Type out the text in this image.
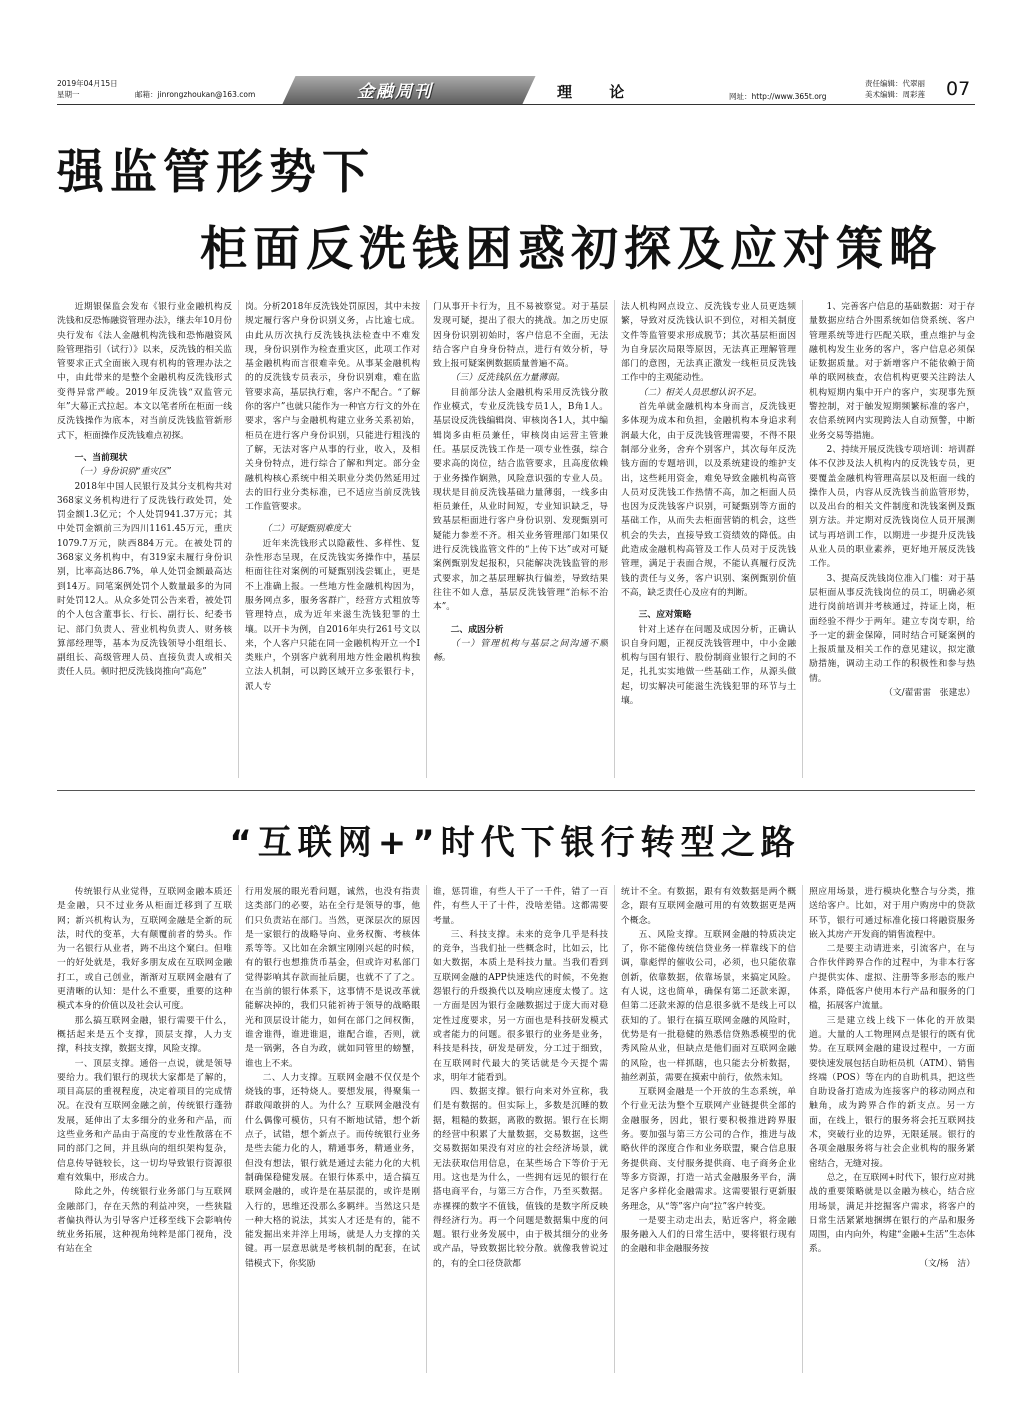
2019年04月15日
星期一	邮箱：jinrongzhoukan@163.com	金融周刊	理 论	网址：http://www.365t.org
责任编辑：代翠丽
美术编辑：周彩莲 07
强监管形势下
柜面反洗钱困惑初探及应对策略

近期银保监会发布《银行业金融机构反洗钱和反恐怖融资管理办法》，继去年10月份央行发布《法人金融机构洗钱和恐怖融资风险管理指引（试行）》以来，反洗钱的相关监管要求正式全面嵌入现有机构的管理办法之中，由此带来的是整个金融机构反洗钱形式变得异常严峻。2019年反洗钱“双监管元年”大幕正式拉起。本文以笔者所在柜面一线反洗钱操作为底本，对当前反洗钱监管新形式下，柜面操作反洗钱难点初探。

一、当前现状

（一）身份识别“重灾区”

2018年中国人民银行及其分支机构共对368家义务机构进行了反洗钱行政处罚，处罚金额1.3亿元；个人处罚941.37万元；其中处罚金额前三为四川1161.45万元，重庆1079.7万元，陕西884万元。在被处罚的368家义务机构中，有319家未履行身份识别，比率高达86.7%，单人处罚金额最高达到14万。同笔案例处罚个人数量最多的为同时处罚12人。从众多处罚公告来看，被处罚的个人包含董事长、行长、副行长、纪委书记、部门负责人、营业机构负责人、财务核算部经理等，基本为反洗钱领导小组组长、副组长、高级管理人员、直接负责人或相关责任人员。顿时把反洗钱岗推向“高危”

岗。分析2018年反洗钱处罚原因，其中未按规定履行客户身份识别义务，占比逾七成。由此从历次执行反洗钱执法检查中不难发现，身份识别作为检查重灾区，此项工作对基金融机构而言很难幸免。从事某金融机构的的反洗钱专员表示，身份识别难，难在监管要求高，基层执行难，客户不配合。“了解你的客户”也就只能作为一种官方行文的外在要求，客户与金融机构建立业务关系初始，柜员在进行客户身份识别，只能进行粗浅的了解，无法对客户从事的行业，收入，及相关身份特点，进行综合了解和判定。部分金融机构核心系统中相关职业分类仍然延用过去的旧行业分类标准，已不适应当前反洗钱工作监管要求。

（二）可疑甄别难度大

近年来洗钱形式以隐蔽性、多样性、复杂性形态呈现，在反洗钱实务操作中，基层柜面往往对案例的可疑甄别浅尝辄止，更是不上准确上报。一些地方性金融机构因为，服务网点多，服务客群广，经营方式粗放等管理特点，成为近年来滋生洗钱犯罪的土壤。以开卡为例，自2016年央行261号文以来，个人客户只能在同一金融机构开立一个Ⅰ类账户，个别客户就利用地方性金融机构独立法人机制，可以跨区域开立多张银行卡，派人专

门从事开卡行为，且不易被察觉。对于基层发现可疑，提出了很大的挑战。加之历史原因身份识别初始时，客户信息不全面，无法结合客户自身身份特点，进行有效分析，导致上报可疑案例数据质量普遍不高。

（三）反洗钱队伍力量薄弱。

目前部分法人金融机构采用反洗钱分散作业模式，专业反洗钱专员1人，B角1人。基层设反洗钱编辑岗、审核岗各1人，其中编辑岗多由柜员兼任，审核岗由运营主管兼任。基层反洗钱工作是一项专业性强，综合要求高的岗位，结合监管要求，且高度依赖于业务操作娴熟，风险意识强的专业人员。现状是目前反洗钱基础力量薄弱，一线多由柜员兼任，从业时间短，专业知识缺乏，导致基层柜面进行客户身份识别、发现甄别可疑能力参差不齐。相关业务管理部门如果仅进行反洗钱监管文件的“上传下达”或对可疑案例甄别发起报积，只能解决洗钱监管的形式要求，加之基层理解执行偏差，导致结果往往不如人意，基层反洗钱管理“治标不治本”。

二、成因分析

（一）管理机构与基层之间沟通不顺畅。

法人机构网点设立、反洗钱专业人员更迭频繁，导致对反洗钱认识不到位，对相关制度文件等监管要求形成脱节；其次基层柜面因为自身层次局限等原因，无法真正理解管理部门的意图，无法真正激发一线柜员反洗钱工作中的主观能动性。

（二）相关人员思想认识不足。

首先单就金融机构本身而言，反洗钱更多体现为成本和负担，金融机构本身追求利润最大化，由于反洗钱管理需要，不得不限制部分业务，舍弃个别客户，其次每年反洗钱方面的专题培训，以及系统建设的维护支出，这些耗用资金，难免导致金融机构高管人员对反洗钱工作热情不高，加之柜面人员也因为反洗钱客户识别，可疑甄别等方面的基础工作，从而失去柜面营销的机会，这些机会的失去，直接导致工资绩效的降低。由此造成金融机构高管及工作人员对于反洗钱管理，满足于表面合规，不能认真履行反洗钱的责任与义务，客户识别、案例甄别价值不高，缺乏责任心及应有的判断。

三、应对策略

针对上述存在问题及成因分析，正确认识自身问题，正视反洗钱管理中，中小金融机构与国有银行、股份制商业银行之间的不足，扎扎实实地做一些基础工作，从源头做起，切实解决可能滋生洗钱犯罪的环节与土壤。

1、完善客户信息的基础数据：对于存量数据应结合外围系统如信贷系统、客户管理系统等进行匹配关联，重点维护与金融机构发生业务的客户，客户信息必须保证数据质量。对于新增客户不能依赖于简单的联网核查，农信机构更要关注跨法人机构短期内集中开户的客户，实现事先预警控制，对于触发短期频繁标准的客户，农信系统网内实现跨法人自动预警，中断业务交易等措施。

2、持续开展反洗钱专项培训：培训群体不仅涉及法人机构内的反洗钱专员，更要覆盖金融机构管理高层以及柜面一线的操作人员，内容从反洗钱当前监管形势，以及出台的相关文件制度和洗钱案例及甄别方法。并定期对反洗钱岗位人员开展测试与再培训工作，以期进一步提升反洗钱从业人员的职业素养，更好地开展反洗钱工作。

3、提高反洗钱岗位准入门槛：对于基层柜面从事反洗钱岗位的员工，明确必须进行岗前培训并考核通过，持证上岗，柜面经验不得少于两年。建立专岗专职，给予一定的薪金保障，同时结合可疑案例的上报质量及相关工作的意见建议，拟定激励措施，调动主动工作的积极性和参与热情。

（文/翟雷雷　张建忠）

“互联网+”时代下银行转型之路

传统银行从业觉得，互联网金融本质还是金融，只不过业务从柜面迁移到了互联网；新兴机构认为，互联网金融是全新的玩法，时代的变革，大有颠覆前者的势头。作为一名银行从业者，踌不出这个窠臼。但唯一的好处就是，我好多朋友成在互联网金融打工，或自己创业，渐渐对互联网金融有了更清晰的认知：是什么不重要，重要的这种模式本身的价值以及社会认可度。

那么搞互联网金融，银行需要干什么，概括起来是五个支撑，顶层支撑，人力支撑，科技支撑，数据支撑，风险支撑。

一、顶层支撑。通俗一点说，就是领导要给力。我们银行的现状大家都是了解的，项目高层的重视程度，决定着项目的完成情况。在没有互联网金融之前，传统银行蓬勃发展，延伸出了太多细分的业务和产品，而这些业务和产品由于高度的专业性散落在不同的部门之间，并且纵向的组织架构复杂，信息传导链较长，这一切均导致银行资源很难有效集中，形成合力。

除此之外，传统银行业务部门与互联网金融部门，存在天然的利益冲突，一些狭隘者偏执得认为引导客户迁移至线下会影响传统业务拓展，这种视角纯粹是部门视角，没有站在全

行用发展的眼光看问题，诚然，也没有指责这类部门的必要，站在全行是领导的事，他们只负责站在部门。当然，更深层次的原因是一家银行的战略导向、业务权衡、考核体系等等。又比如在余额宝刚刚兴起的时候，有的银行也想推货币基金，但或许对私部门觉得影响其存款而扯后腿，也就不了了之。在当前的银行体系下，这事情不是说改革就能解决掉的，我们只能祈祷于领导的战略眼光和顶层设计能力，如何在部门之间权衡，谁舍谁得，谁进谁退，谁配合谁，否则，就是一锅粥，各自为政，就如同管里的螃蟹，谁也上不来。

二、人力支撑。互联网金融不仅仅是个烧钱的事，还特烧人。要想发展，得聚集一群敢闯敢拼的人。为什么？互联网金融没有什么偶像可模仿，只有不断地试错，想个新点子，试错，想个新点子。而传统银行业务是些去能力化的人，精通事务，精通业务，但没有想法，银行就是通过去能力化的大机制确保稳健发展。在银行体系中，适合搞互联网金融的，或许是在基层混的，或许是刚入行的，思维还没那么多羁绊。当然这只是一种大格的说法，其实人才还是有的，能不能发掘出来并淬上用场，就是人力支撑的关键。再一层意思就是考核机制的配套，在试错模式下，你奖励

谁，惩罚谁，有些人干了一千件，错了一百件，有些人干了十件，没啥差错。这都需要考量。

三、科技支撑。未来的竞争几乎是科技的竞争，当我们扯一些概念时，比如云，比如大数据，本质上是科技力量。当我们看到互联网金融的APP快速迭代的时候，不免抱怨银行的升级换代以及响应速度太慢了。这一方面是因为银行金融数据过于庞大而对稳定性过度要求，另一方面也是科技研发模式或者能力的问题。很多银行的业务是业务，科技是科技，研发是研发，分工过于细致，在互联网时代最大的笑话就是今天提个需求，明年才能看到。

四、数据支撑。银行向来对外宣称，我们是有数据的。但实际上，多数是沉睡的数据，粗糙的数据，离散的数据。银行在长期的经营中积累了大量数据，交易数据，这些交易数据如果没有对应的社会经济场景，就无法获取信用信息，在某些场合下等价于无用。这也是为什么，一些拥有远见的银行在搭电商平台，与第三方合作，乃至买数据。赤裸裸的数字不值钱，值钱的是数字所反映得经济行为。再一个问题是数据集中度的问题。银行业务发展中，由于极其细分的业务或产品，导致数据比较分散。就像我曾说过的，有的全口径贷款都

统计不全。有数据，跟有有效数据是两个概念，跟有互联网金融可用的有效数据更是两个概念。

五、风险支撑。互联网金融的特质决定了，你不能像传统信贷业务一样靠线下的信调，靠彪悍的催收公司，必须，也只能依靠创新，依靠数据，依靠场景，来搞定风险。有人说，这也简单，确保有第二还款来源，但第二还款来源的信息很多就不是线上可以获知的了。银行在搞互联网金融的风险时，优势是有一批稳健的熟悉信贷熟悉模型的优秀风险从业，但缺点是他们面对互联网金融的风险，也一样抓瞎，也只能去分析数据，抽丝剥茧，需要在摸索中前行，依然未知。

互联网金融是一个开放的生态系统，单个行业无法为整个互联网产业链提供全部的金融服务，因此，银行要积极推进跨界服务。要加强与第三方公司的合作，推进与战略伙伴的深度合作和业务联盟，聚合信息服务提供商、支付服务提供商、电子商务企业等多方资源，打造一站式金融服务平台，满足客户多样化金融需求。这需要银行更新服务理念，从“等”客户向“拉”客户转变。

一是要主动走出去，贴近客户，将金融服务融入人们的日常生活中，要将银行现有的金融和非金融服务按

照应用场景，进行模块化整合与分类，推送给客户。比如，对于用户购房中的贷款环节，银行可通过标准化接口将融资服务嵌入其房产开发商的销售流程中。

二是要主动请进来，引流客户，在与合作伙伴跨界合作的过程中，为非本行客户提供实体、虚拟、注册等多形态的账户体系，降低客户使用本行产品和服务的门槛，拓展客户流量。

三是建立线上线下一体化的开放渠道。大量的人工物理网点是银行的既有优势。在互联网金融的建设过程中，一方面要快速发展包括自助柜员机（ATM）、销售终端（POS）等在内的自助机具，把这些自助设备打造成为连接客户的移动网点和触角，成为跨界合作的新支点。另一方面，在线上，银行的服务将会托互联网技术，突破行业的边界，无限延展。银行的各项金融服务将与社会企业机构的服务紧密结合，无缝对接。

总之，在互联网+时代下，银行应对挑战的重要策略就是以金融为核心，结合应用场景，满足并挖掘客户需求，将客户的日常生活紧紧地捆绑在银行的产品和服务周围，由内向外，构建“金融+生活”生态体系。

（文/杨　洁）
